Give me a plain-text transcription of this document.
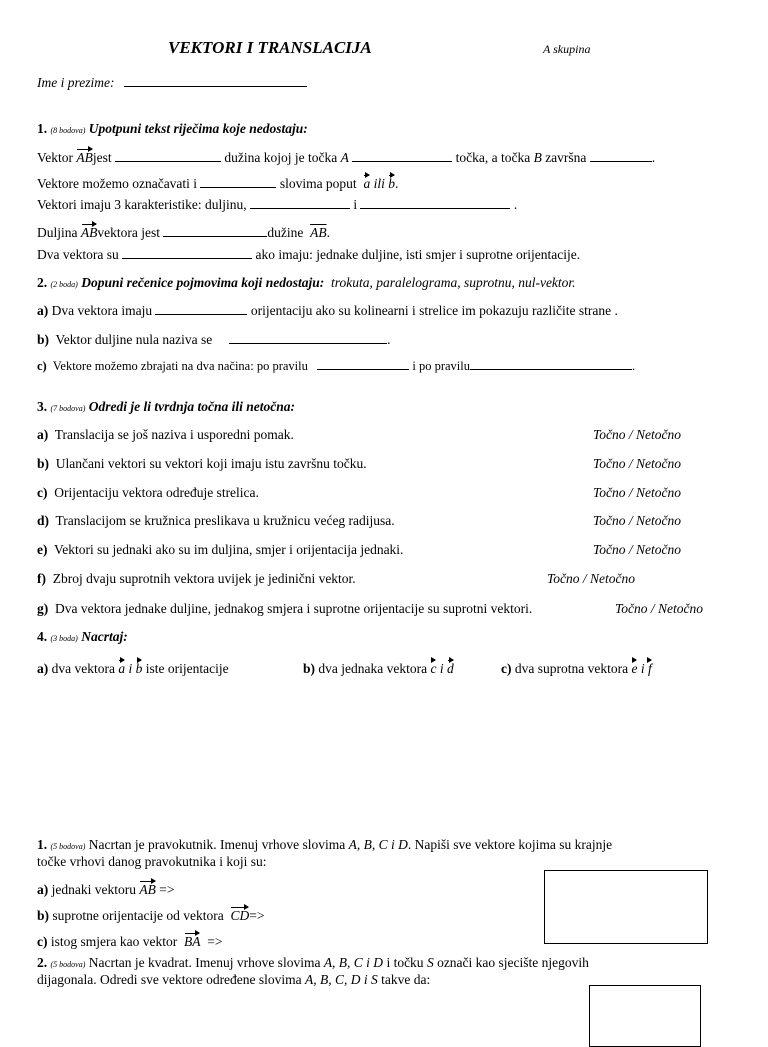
VEKTORI I TRANSLACIJA	A skupina
Ime i prezime:
1. (8 bodova) Upotpuni tekst riječima koje nedostaju:
Vektor ABjest	dužina kojoj je točka A	točka, a točka B završna	.
Vektore možemo označavati i	slovima poput a ili b.
Vektori imaju 3 karakteristike: duljinu,	i	.
Duljina ABvektora jest	dužine $\overline{AB}$.
Dva vektora su	ako imaju: jednake duljine, isti smjer i suprotne orijentacije.
2. (2 boda) Dopuni rečenice pojmovima koji nedostaju: trokuta, paralelograma, suprotnu, nul-vektor.
a) Dva vektora imaju	orijentaciju ako su kolinearni i strelice im pokazuju različite strane .
b) Vektor duljine nula naziva se	.
c) Vektore možemo zbrajati na dva načina: po pravilu	i po pravilu	.
3. (7 bodova) Odredi je li tvrdnja točna ili netočna:
a) Translacija se još naziva i usporedni pomak.	Točno / Netočno
b) Ulančani vektori su vektori koji imaju istu završnu točku.	Točno / Netočno
c) Orijentaciju vektora određuje strelica.	Točno / Netočno
d) Translacijom se kružnica preslikava u kružnicu većeg radijusa.	Točno / Netočno
e) Vektori su jednaki ako su im duljina, smjer i orijentacija jednaki.	Točno / Netočno
f) Zbroj dvaju suprotnih vektora uvijek je jedinični vektor.	Točno / Netočno
g) Dva vektora jednake duljine, jednakog smjera i suprotne orijentacije su suprotni vektori.	Točno / Netočno
4. (3 boda) Nacrtaj:
a) dva vektora a i b iste orijentacije	b) dva jednaka vektora c i d	c) dva suprotna vektora e i f
1. (5 bodova) Nacrtan je pravokutnik. Imenuj vrhove slovima A, B, C i D. Napiši sve vektore kojima su krajnje
točke vrhovi danog pravokutnika i koji su:
a) jednaki vektoru AB =>
b) suprotne orijentacije od vektora CD=>
c) istog smjera kao vektor BA =>
2. (5 bodova) Nacrtan je kvadrat. Imenuj vrhove slovima A, B, C i D i točku S označi kao sjecište njegovih
dijagonala. Odredi sve vektore određene slovima A, B, C, D i S takve da:
